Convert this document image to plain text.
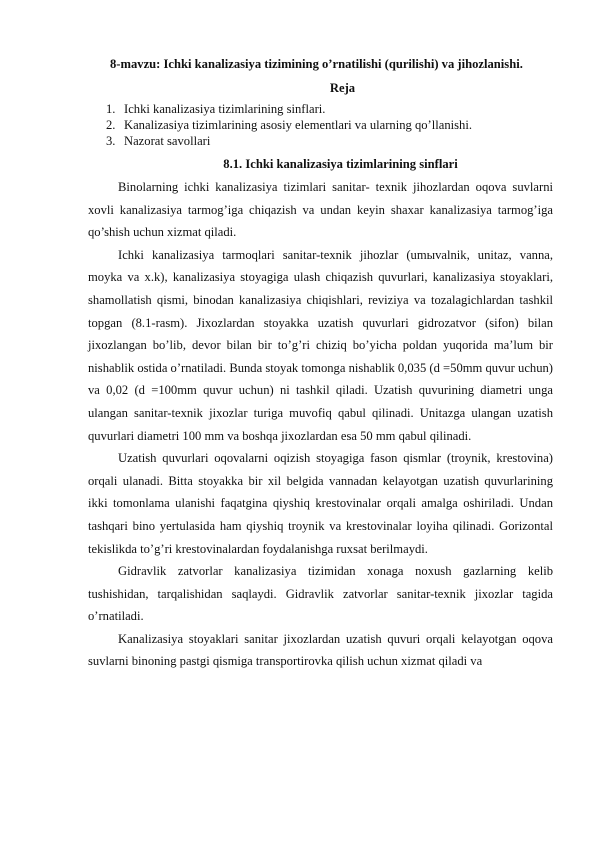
8-mavzu: Ichki kanalizasiya tizimining o’rnatilishi (qurilishi) va jihozlanishi.

Reja
1. Ichki kanalizasiya tizimlarining sinflari.
2. Kanalizasiya tizimlarining asosiy elementlari va ularning qo’llanishi.
3. Nazorat savollari
8.1. Ichki kanalizasiya tizimlarining sinflari

Binolarning ichki kanalizasiya tizimlari sanitar- texnik jihozlardan oqova suvlarni xovli kanalizasiya tarmog’iga chiqazish va undan keyin shaxar kanalizasiya tarmog’iga qo’shish uchun xizmat qiladi.

Ichki kanalizasiya tarmoqlari sanitar-texnik jihozlar (umыvalnik, unitaz, vanna, moyka va x.k), kanalizasiya stoyagiga ulash chiqazish quvurlari, kanalizasiya stoyaklari, shamollatish qismi, binodan kanalizasiya chiqishlari, reviziya va tozalagichlardan tashkil topgan (8.1-rasm). Jixozlardan stoyakka uzatish quvurlari gidrozatvor (sifon) bilan jixozlangan bo’lib, devor bilan bir to’g’ri chiziq bo’yicha poldan yuqorida ma’lum bir nishablik ostida o’rnatiladi. Bunda stoyak tomonga nishablik 0,035 (d =50mm quvur uchun) va 0,02 (d =100mm quvur uchun) ni tashkil qiladi. Uzatish quvurining diametri unga ulangan sanitar-texnik jixozlar turiga muvofiq qabul qilinadi. Unitazga ulangan uzatish quvurlari diametri 100 mm va boshqa jixozlardan esa 50 mm qabul qilinadi.

Uzatish quvurlari oqovalarni oqizish stoyagiga fason qismlar (troynik, krestovina) orqali ulanadi. Bitta stoyakka bir xil belgida vannadan kelayotgan uzatish quvurlarining ikki tomonlama ulanishi faqatgina qiyshiq krestovinalar orqali amalga oshiriladi. Undan tashqari bino yertulasida ham qiyshiq troynik va krestovinalar loyiha qilinadi. Gorizontal tekislikda to’g’ri krestovinalardan foydalanishga ruxsat berilmaydi.

Gidravlik zatvorlar kanalizasiya tizimidan xonaga noxush gazlarning kelib tushishidan, tarqalishidan saqlaydi. Gidravlik zatvorlar sanitar-texnik jixozlar tagida o’rnatiladi.

Kanalizasiya stoyaklari sanitar jixozlardan uzatish quvuri orqali kelayotgan oqova suvlarni binoning pastgi qismiga transportirovka qilish uchun xizmat qiladi va
